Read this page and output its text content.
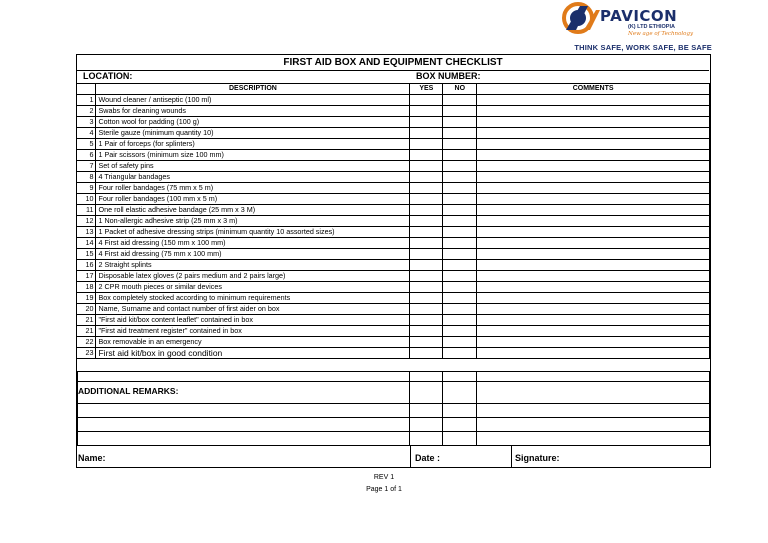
PAVICON
(K) LTD ETHIOPIA
New age of Technology
THINK SAFE, WORK SAFE, BE SAFE
FIRST AID BOX AND EQUIPMENT CHECKLIST
LOCATION:	BOX NUMBER:
	DESCRIPTION	YES	NO	COMMENTS
1	Wound cleaner / antiseptic (100 ml)			
2	Swabs for cleaning wounds			
3	Cotton wool for padding (100 g)			
4	Sterile gauze (minimum quantity 10)			
5	1 Pair of forceps (for splinters)			
6	1 Pair scissors (minimum size 100 mm)			
7	Set of safety pins			
8	4 Triangular bandages			
9	Four roller bandages (75 mm x 5 m)			
10	Four roller bandages (100 mm x 5 m)			
11	One roll elastic adhesive bandage (25 mm x 3 M)			
12	1 Non-allergic adhesive strip (25 mm x 3 m)			
13	1 Packet of adhesive dressing strips (minimum quantity 10 assorted sizes)			
14	4 First aid dressing (150 mm x 100 mm)			
15	4 First aid dressing (75 mm x 100 mm)			
16	2 Straight splints			
17	Disposable latex gloves (2 pairs medium and 2 pairs large)			
18	2 CPR mouth pieces or similar devices			
19	Box completely stocked according to minimum requirements			
20	Name, Surname and contact number of first aider on box			
21	"First aid kit/box content leaflet" contained in box			
21	"First aid treatment register" contained in box			
22	Box removable in an emergency			
23	First aid kit/box in good condition			

ADDITIONAL REMARKS:
Name:	Date :	Signature:
REV 1
Page 1 of 1
